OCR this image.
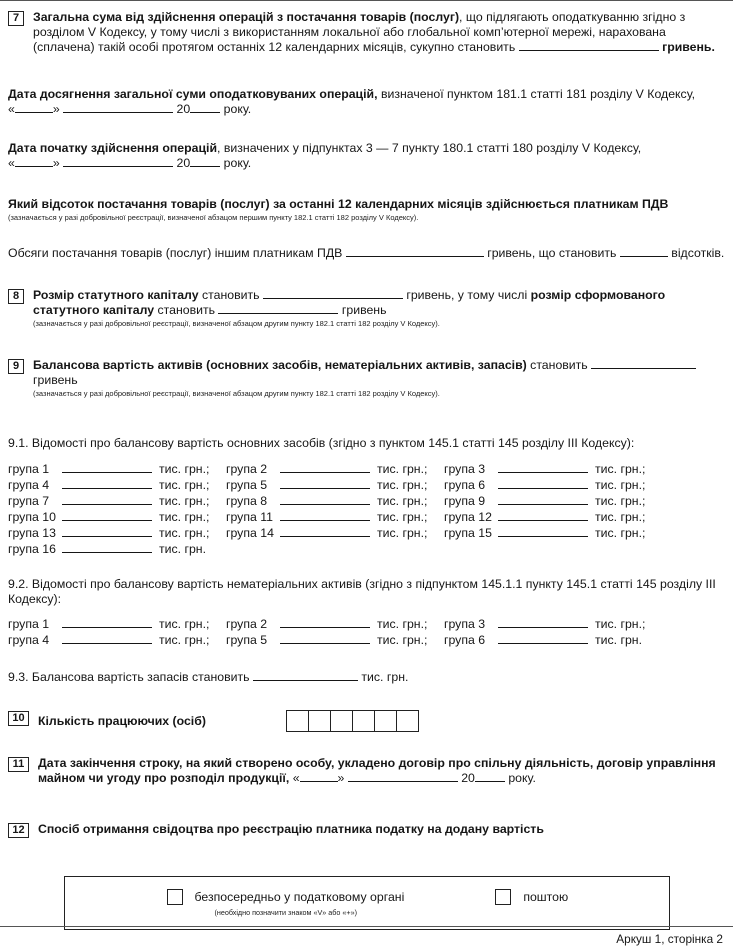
7	Загальна сума від здійснення операцій з постачання товарів (послуг), що підлягають оподаткуванню згідно з розділом V Кодексу, у тому числі з використанням локальної або глобальної комп’ютерної мережі, нарахована (сплачена) такій особі протягом останніх 12 календарних місяців, сукупно становить	гривень.

Дата досягнення загальної суми оподатковуваних операцій, визначеної пунктом 181.1 статті 181 розділу V Кодексу, «	»	20	року.

Дата початку здійснення операцій, визначених у підпунктах 3 — 7 пункту 180.1 статті 180 розділу V Кодексу, «	»	20	року.

Який відсоток постачання товарів (послуг) за останні 12 календарних місяців здійснюється платникам ПДВ

(зазначається у разі добровільної реєстрації, визначеної абзацом першим пункту 182.1 статті 182 розділу V Кодексу).

Обсяги постачання товарів (послуг) іншим платникам ПДВ	гривень, що становить	відсотків.

8	Розмір статутного капіталу становить	гривень, у тому числі розмір сформованого статутного капіталу становить	гривень

(зазначається у разі добровільної реєстрації, визначеної абзацом другим пункту 182.1 статті 182 розділу V Кодексу).

9	Балансова вартість активів (основних засобів, нематеріальних активів, запасів) становить  гривень

(зазначається у разі добровільної реєстрації, визначеної абзацом другим пункту 182.1 статті 182 розділу V Кодексу).

9.1. Відомості про балансову вартість основних засобів (згідно з пунктом 145.1 статті 145 розділу III Кодексу):

група 1	тис. грн.;	група 2	тис. грн.;	група 3	тис. грн.;
група 4	тис. грн.;	група 5	тис. грн.;	група 6	тис. грн.;
група 7	тис. грн.;	група 8	тис. грн.;	група 9	тис. грн.;
група 10	тис. грн.;	група 11	тис. грн.;	група 12	тис. грн.;
група 13	тис. грн.;	група 14	тис. грн.;	група 15	тис. грн.;
група 16	тис. грн.

9.2. Відомості про балансову вартість нематеріальних активів (згідно з підпунктом 145.1.1 пункту 145.1 статті 145 розділу III Кодексу):

група 1	тис. грн.;	група 2	тис. грн.;	група 3	тис. грн.;
група 4	тис. грн.;	група 5	тис. грн.;	група 6	тис. грн.

9.3. Балансова вартість запасів становить	тис. грн.

10	Кількість працюючих (осіб)
11	Дата закінчення строку, на який створено особу, укладено договір про спільну діяльність, договір управління майном чи угоду про розподіл продукції, «	»	20	року.

12	Спосіб отримання свідоцтва про реєстрацію платника податку на додану вартість

безпосередньо у податковому органі	поштою

(необхідно позначити знаком «V» або «+»)

Аркуш 1, сторінка 2
